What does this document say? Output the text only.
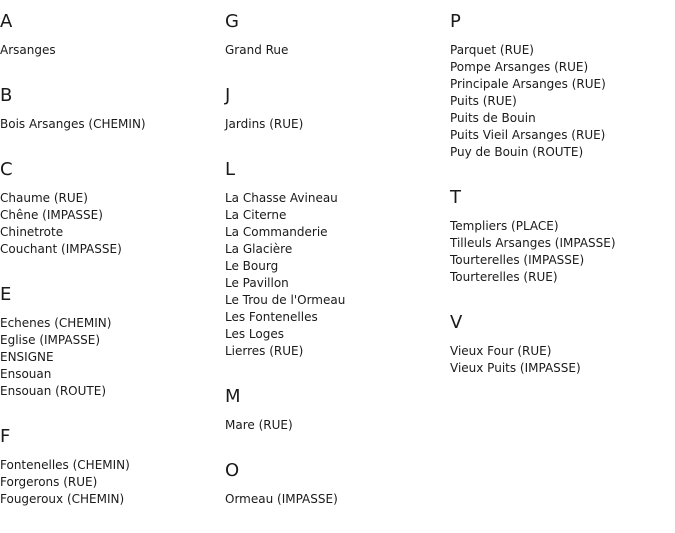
A
Arsanges
B
Bois Arsanges (CHEMIN)
C
Chaume (RUE)
Chêne (IMPASSE)
Chinetrote
Couchant (IMPASSE)
E
Echenes (CHEMIN)
Eglise (IMPASSE)
ENSIGNE
Ensouan
Ensouan (ROUTE)
F
Fontenelles (CHEMIN)
Forgerons (RUE)
Fougeroux (CHEMIN)
G
Grand Rue
J
Jardins (RUE)
L
La Chasse Avineau
La Citerne
La Commanderie
La Glacière
Le Bourg
Le Pavillon
Le Trou de l'Ormeau
Les Fontenelles
Les Loges
Lierres (RUE)
M
Mare (RUE)
O
Ormeau (IMPASSE)
P
Parquet (RUE)
Pompe Arsanges (RUE)
Principale Arsanges (RUE)
Puits (RUE)
Puits de Bouin
Puits Vieil Arsanges (RUE)
Puy de Bouin (ROUTE)
T
Templiers (PLACE)
Tilleuls Arsanges (IMPASSE)
Tourterelles (IMPASSE)
Tourterelles (RUE)
V
Vieux Four (RUE)
Vieux Puits (IMPASSE)
